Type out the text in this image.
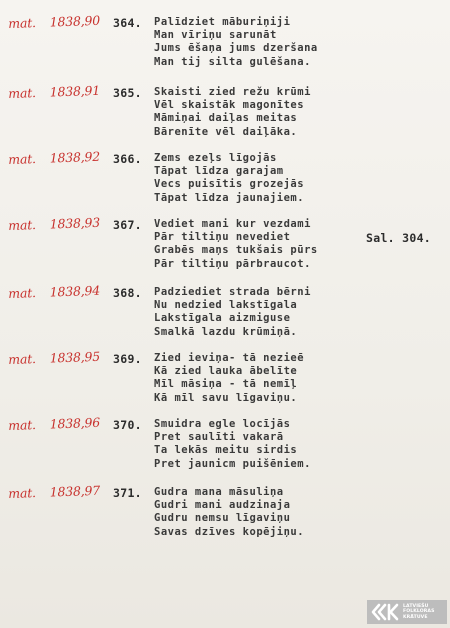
mat. 1838,90 364. Palīdziet māburiņiji
Man vīriņu sarunāt
Jums ēšaņa jums dzeršana
Man tij silta gulēšana.
mat. 1838,91 365. Skaisti zied režu krūmi
Vēl skaistāk magonītes
Māmiņai daiļas meitas
Bārenīte vēl daiļāka.
mat. 1838,92 366. Zems ezeļs līgojās
Tāpat līdza garajam
Vecs puisītis grozejās
Tāpat līdza jaunajiem.
mat. 1838,93 367. Vediet mani kur vezdami
Pār tiltiņu nevediet
Grabēs maņs tukšais pūrs
Pār tiltiņu pārbraucot.
Sal. 304.
mat. 1838,94 368. Padziediet strada bērni
Nu nedzied lakstīgala
Lakstīgala aizmiguse
Smalkā lazdu krūmiņā.
mat. 1838,95 369. Zied ieviņa- tā nezieē
Kā zied lauka ābelīte
Mīl māsiņa - tā nemīļ
Kā mīl savu līgaviņu.
mat. 1838,96 370. Smuidra egle locījās
Pret saulīti vakarā
Ta lekās meitu sirdis
Pret jaunicm puišēniem.
mat. 1838,97 371. Gudra mana māsuliņa
Gudri mani audzinaja
Gudru nemsu līgaviņu
Savas dzīves kopējiņu.
LATVIEŠU
FOLKLORAS
KRĀTUVE
